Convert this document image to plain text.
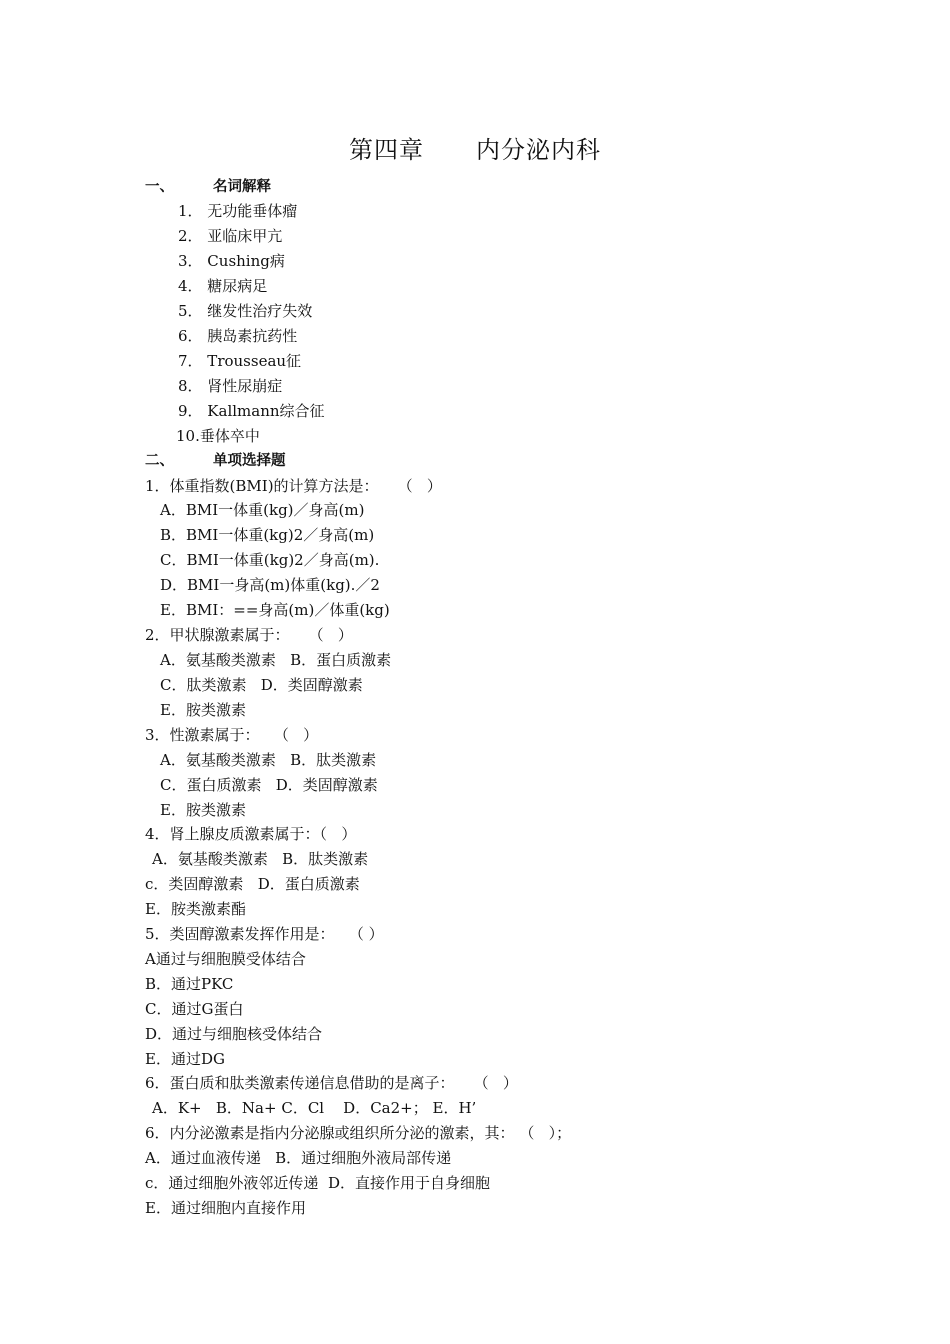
第四章 内分泌内科
一、	名词解释
1． 无功能垂体瘤
2． 亚临床甲亢
3． Cushing病
4． 糖尿病足
5． 继发性治疗失效
6． 胰岛素抗药性
7． Trousseau征
8． 肾性尿崩症
9． Kallmann综合征
10.垂体卒中
二、	单项选择题
1．体重指数(BMI)的计算方法是：    （   ）
A．BMI一体重(kg)／身高(m)
B．BMI一体重(kg)2／身高(m)
C．BMI一体重(kg)2／身高(m).
D．BMI一身高(m)体重(kg).／2
E．BMI：==身高(m)／体重(kg)
2．甲状腺激素属于：    （   ）
A．氨基酸类激素   B．蛋白质激素
C．肽类激素   D．类固醇激素
E．胺类激素
3．性激素属于：   （   ）
A．氨基酸类激素   B．肽类激素
C．蛋白质激素   D．类固醇激素
E．胺类激素
4．肾上腺皮质激素属于：（   ）
A．氨基酸类激素   B．肽类激素
c．类固醇激素   D．蛋白质激素
E．胺类激素酯
5．类固醇激素发挥作用是：   （ ）
A通过与细胞膜受体结合
B．通过PKC
C．通过G蛋白
D．通过与细胞核受体结合
E．通过DG
6．蛋白质和肽类激素传递信息借助的是离子：    （   ）
A．K+   B．Na+ C．Cl    D．Ca2+； E．H’
6．内分泌激素是指内分泌腺或组织所分泌的激素，其： （   ）；
A．通过血液传递   B．通过细胞外液局部传递
c．通过细胞外液邻近传递  D．直接作用于自身细胞
E．通过细胞内直接作用
